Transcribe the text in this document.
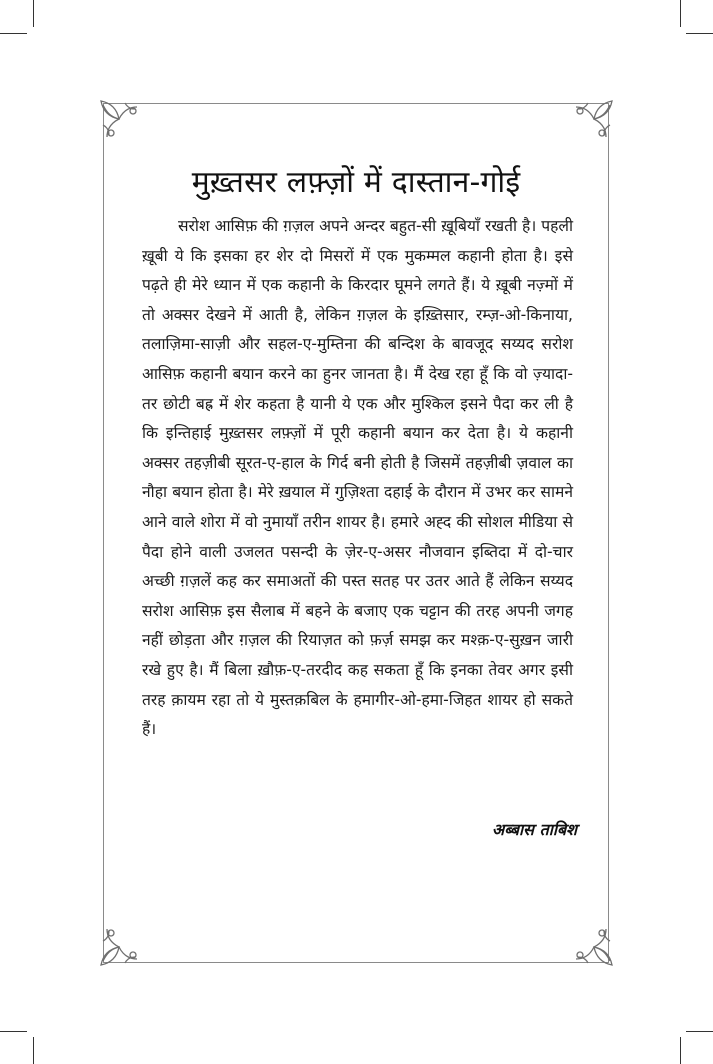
मुख़्तसर लफ़्ज़ों में दास्तान-गोई

सरोश आसिफ़ की ग़ज़ल अपने अन्दर बहुत-सी ख़ूबियाँ रखती है। पहली ख़ूबी ये कि इसका हर शेर दो मिसरों में एक मुकम्मल कहानी होता है। इसे पढ़ते ही मेरे ध्यान में एक कहानी के किरदार घूमने लगते हैं। ये ख़ूबी नज़्मों में तो अक्सर देखने में आती है, लेकिन ग़ज़ल के इख़्तिसार, रम्ज़-ओ-किनाया, तलाज़िमा-साज़ी और सहल-ए-मुम्तिना की बन्दिश के बावजूद सय्यद सरोश आसिफ़ कहानी बयान करने का हुनर जानता है। मैं देख रहा हूँ कि वो ज़्यादा-तर छोटी बह्र में शेर कहता है यानी ये एक और मुश्किल इसने पैदा कर ली है कि इन्तिहाई मुख़्तसर लफ़्ज़ों में पूरी कहानी बयान कर देता है। ये कहानी अक्सर तहज़ीबी सूरत-ए-हाल के गिर्द बनी होती है जिसमें तहज़ीबी ज़वाल का नौहा बयान होता है। मेरे ख़याल में गुज़िश्ता दहाई के दौरान में उभर कर सामने आने वाले शोरा में वो नुमायाँ तरीन शायर है। हमारे अह्द की सोशल मीडिया से पैदा होने वाली उजलत पसन्दी के ज़ेर-ए-असर नौजवान इब्तिदा में दो-चार अच्छी ग़ज़लें कह कर समाअतों की पस्त सतह पर उतर आते हैं लेकिन सय्यद सरोश आसिफ़ इस सैलाब में बहने के बजाए एक चट्टान की तरह अपनी जगह नहीं छोड़ता और ग़ज़ल की रियाज़त को फ़र्ज़ समझ कर मश्क़-ए-सुख़न जारी रखे हुए है। मैं बिला ख़ौफ़-ए-तरदीद कह सकता हूँ कि इनका तेवर अगर इसी तरह क़ायम रहा तो ये मुस्तक़बिल के हमागीर-ओ-हमा-जिहत शायर हो सकते हैं।

अब्बास ताबिश
